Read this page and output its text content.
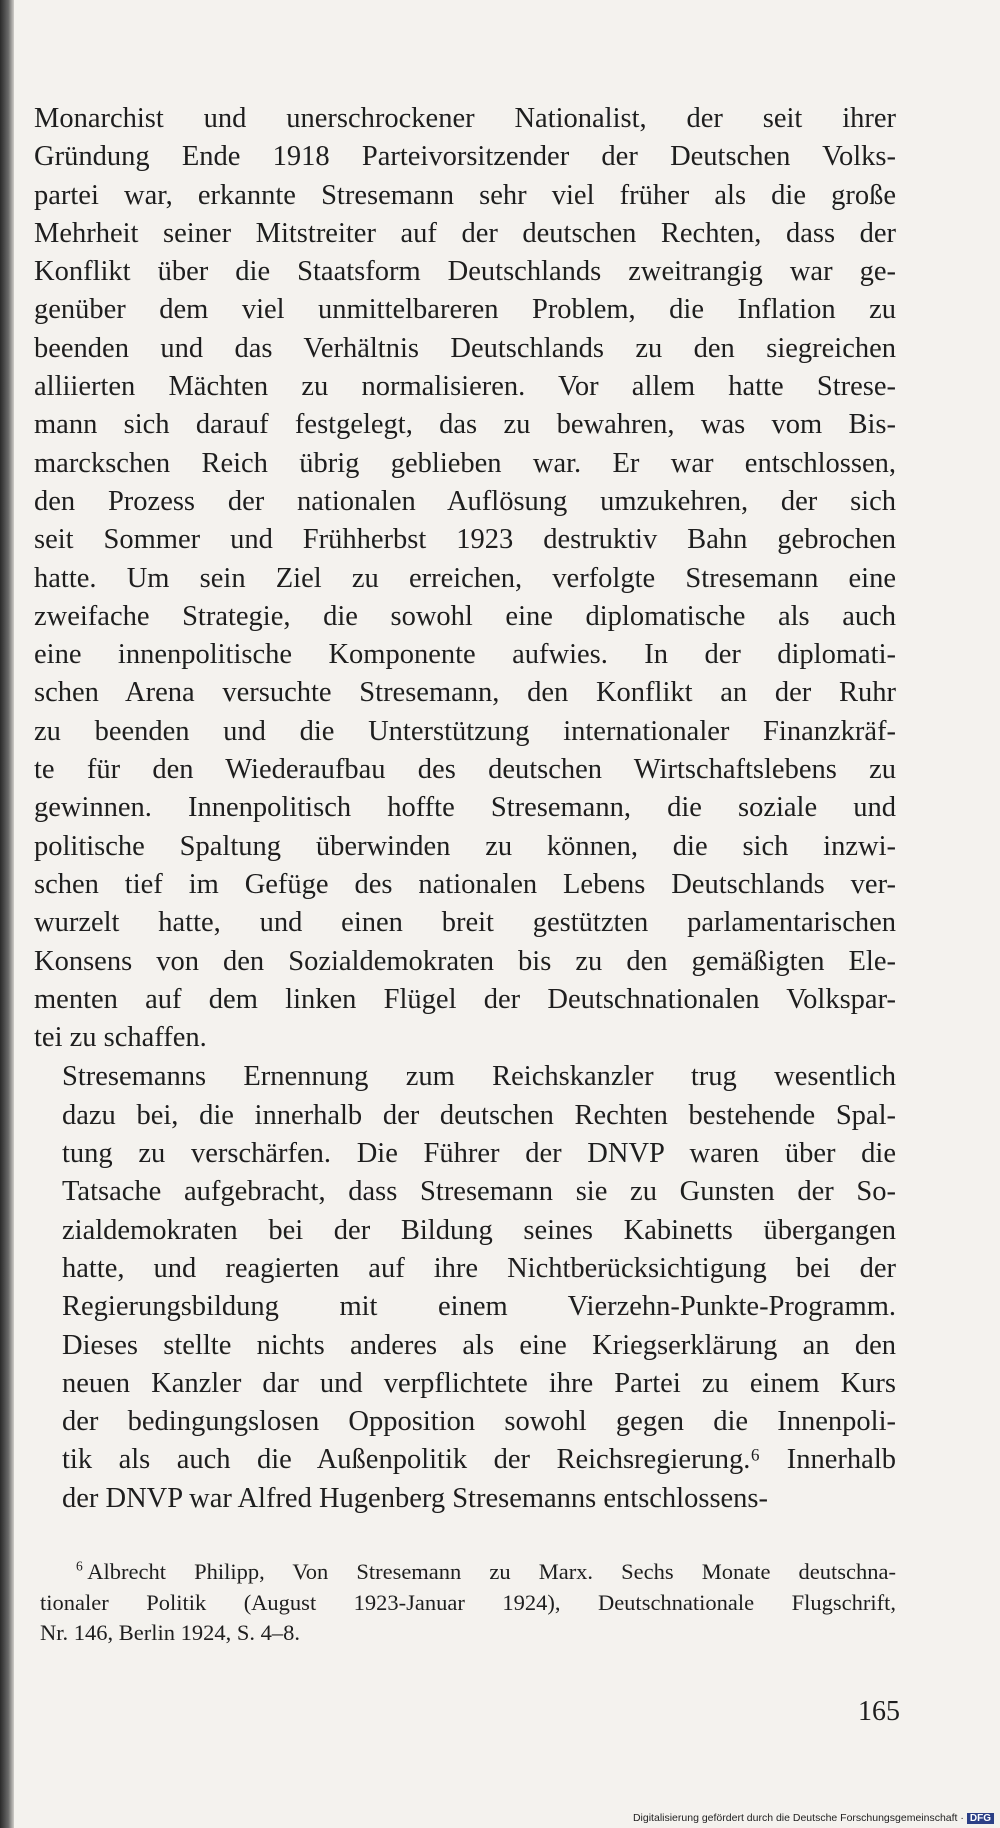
Monarchist und unerschrockener Nationalist, der seit ihrer
Gründung Ende 1918 Parteivorsitzender der Deutschen Volks-
partei war, erkannte Stresemann sehr viel früher als die große
Mehrheit seiner Mitstreiter auf der deutschen Rechten, dass der
Konflikt über die Staatsform Deutschlands zweitrangig war ge-
genüber dem viel unmittelbareren Problem, die Inflation zu
beenden und das Verhältnis Deutschlands zu den siegreichen
alliierten Mächten zu normalisieren. Vor allem hatte Strese-
mann sich darauf festgelegt, das zu bewahren, was vom Bis-
marckschen Reich übrig geblieben war. Er war entschlossen,
den Prozess der nationalen Auflösung umzukehren, der sich
seit Sommer und Frühherbst 1923 destruktiv Bahn gebrochen
hatte. Um sein Ziel zu erreichen, verfolgte Stresemann eine
zweifache Strategie, die sowohl eine diplomatische als auch
eine innenpolitische Komponente aufwies. In der diplomati-
schen Arena versuchte Stresemann, den Konflikt an der Ruhr
zu beenden und die Unterstützung internationaler Finanzkräf-
te für den Wiederaufbau des deutschen Wirtschaftslebens zu
gewinnen. Innenpolitisch hoffte Stresemann, die soziale und
politische Spaltung überwinden zu können, die sich inzwi-
schen tief im Gefüge des nationalen Lebens Deutschlands ver-
wurzelt hatte, und einen breit gestützten parlamentarischen
Konsens von den Sozialdemokraten bis zu den gemäßigten Ele-
menten auf dem linken Flügel der Deutschnationalen Volkspar-
tei zu schaffen.

Stresemanns Ernennung zum Reichskanzler trug wesentlich
dazu bei, die innerhalb der deutschen Rechten bestehende Spal-
tung zu verschärfen. Die Führer der DNVP waren über die
Tatsache aufgebracht, dass Stresemann sie zu Gunsten der So-
zialdemokraten bei der Bildung seines Kabinetts übergangen
hatte, und reagierten auf ihre Nichtberücksichtigung bei der
Regierungsbildung mit einem Vierzehn-Punkte-Programm.
Dieses stellte nichts anderes als eine Kriegserklärung an den
neuen Kanzler dar und verpflichtete ihre Partei zu einem Kurs
der bedingungslosen Opposition sowohl gegen die Innenpoli-
tik als auch die Außenpolitik der Reichsregierung.⁶ Innerhalb
der DNVP war Alfred Hugenberg Stresemanns entschlossens-

$^6$  Albrecht Philipp, Von Stresemann zu Marx. Sechs Monate deutschna-
tionaler Politik (August 1923-Januar 1924), Deutschnationale Flugschrift,
Nr. 146, Berlin 1924, S. 4–8.
165
Digitalisierung gefördert durch die Deutsche Forschungsgemeinschaft · DFG
